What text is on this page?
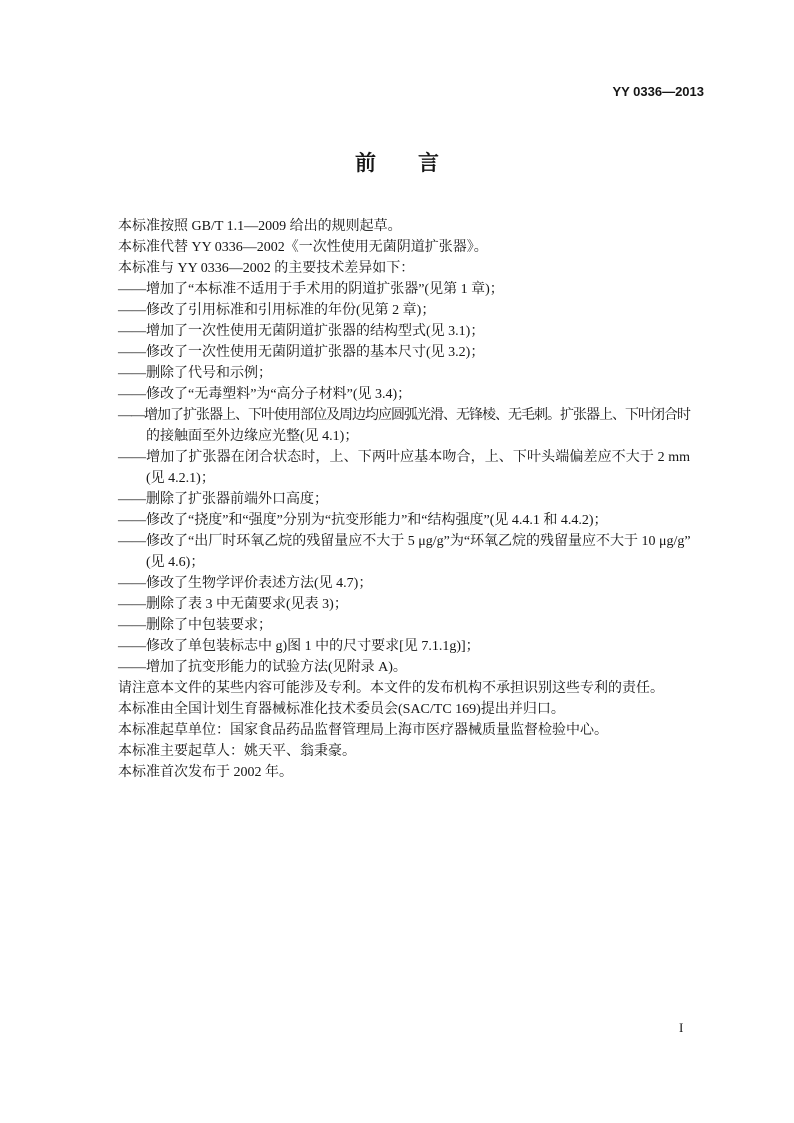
YY 0336—2013
前　　言
本标准按照 GB/T 1.1—2009 给出的规则起草。
本标准代替 YY 0336—2002《一次性使用无菌阴道扩张器》。
本标准与 YY 0336—2002 的主要技术差异如下：
——增加了“本标准不适用于手术用的阴道扩张器”(见第 1 章)；
——修改了引用标准和引用标准的年份(见第 2 章)；
——增加了一次性使用无菌阴道扩张器的结构型式(见 3.1)；
——修改了一次性使用无菌阴道扩张器的基本尺寸(见 3.2)；
——删除了代号和示例；
——修改了“无毒塑料”为“高分子材料”(见 3.4)；
——增加了扩张器上、下叶使用部位及周边均应圆弧光滑、无锋棱、无毛刺。扩张器上、下叶闭合时
的接触面至外边缘应光整(见 4.1)；
——增加了扩张器在闭合状态时，上、下两叶应基本吻合，上、下叶头端偏差应不大于 2 mm
(见 4.2.1)；
——删除了扩张器前端外口高度；
——修改了“挠度”和“强度”分别为“抗变形能力”和“结构强度”(见 4.4.1 和 4.4.2)；
——修改了“出厂时环氧乙烷的残留量应不大于 5 μg/g”为“环氧乙烷的残留量应不大于 10 μg/g”
(见 4.6)；
——修改了生物学评价表述方法(见 4.7)；
——删除了表 3 中无菌要求(见表 3)；
——删除了中包装要求；
——修改了单包装标志中 g)图 1 中的尺寸要求[见 7.1.1g)]；
——增加了抗变形能力的试验方法(见附录 A)。
请注意本文件的某些内容可能涉及专利。本文件的发布机构不承担识别这些专利的责任。
本标准由全国计划生育器械标准化技术委员会(SAC/TC 169)提出并归口。
本标准起草单位：国家食品药品监督管理局上海市医疗器械质量监督检验中心。
本标准主要起草人：姚天平、翁秉豪。
本标准首次发布于 2002 年。
I
